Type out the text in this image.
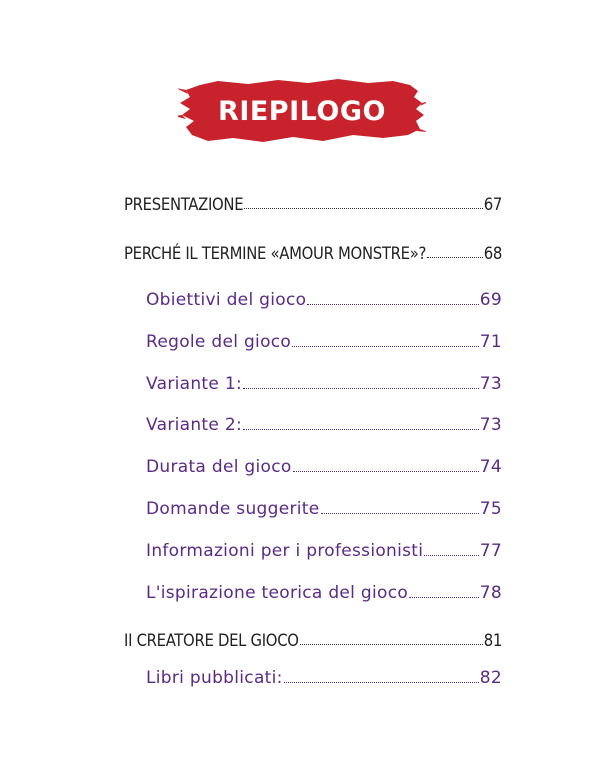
RIEPILOGO
PRESENTAZIONE	67
PERCHÉ IL TERMINE «AMOUR MONSTRE»?	68
Obiettivi del gioco	69
Regole del gioco	71
Variante 1:	73
Variante 2:	73
Durata del gioco	74
Domande suggerite	75
Informazioni per i professionisti	77
L'ispirazione teorica del gioco	78
II CREATORE DEL GIOCO	81
Libri pubblicati:	82
